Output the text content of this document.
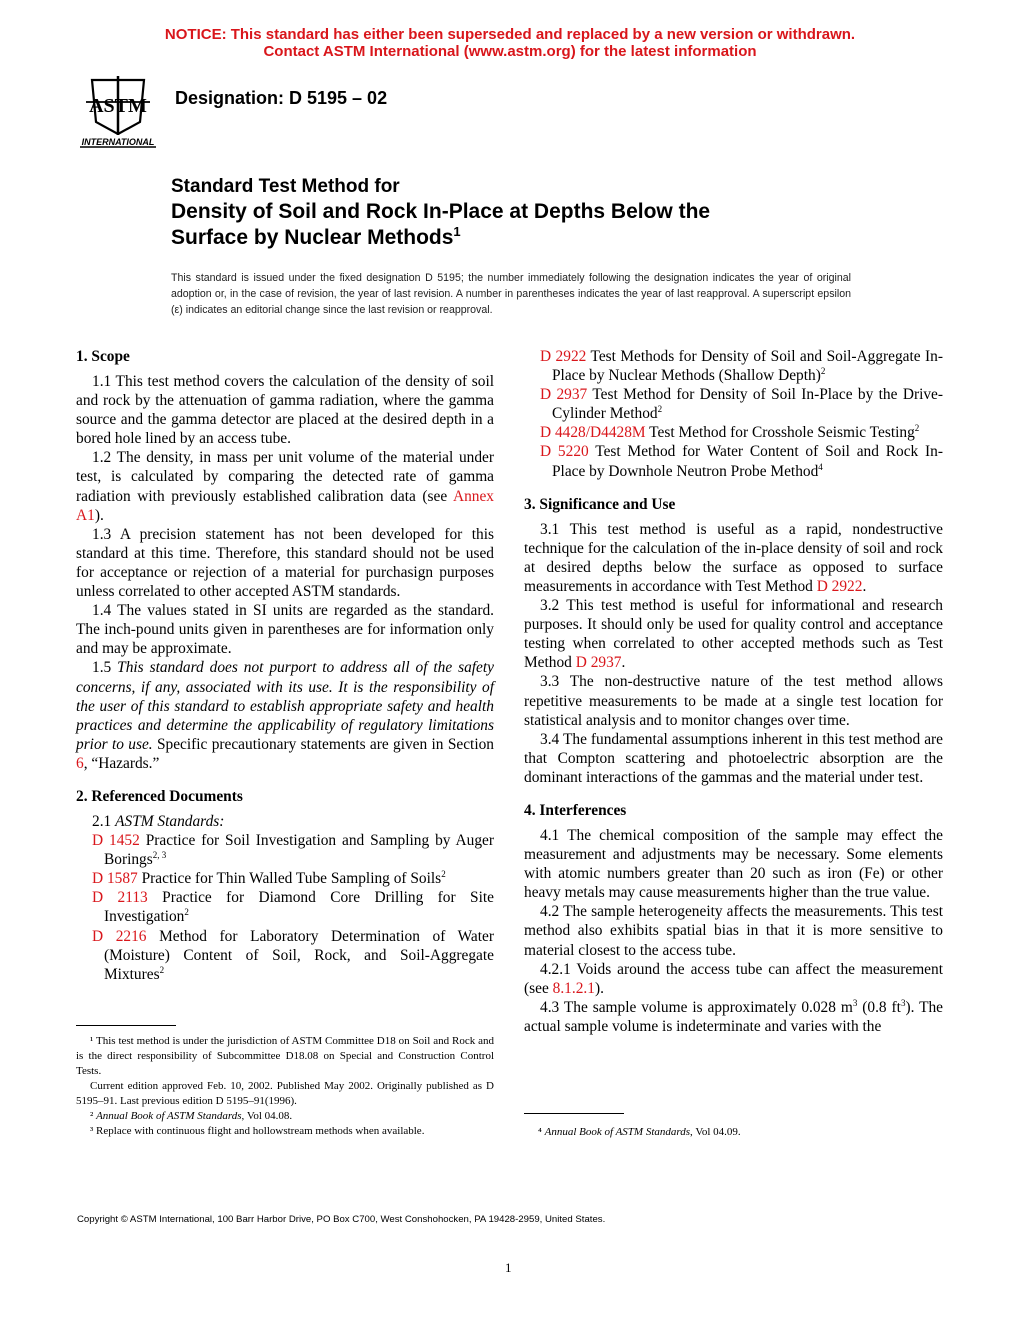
NOTICE: This standard has either been superseded and replaced by a new version or withdrawn.
Contact ASTM International (www.astm.org) for the latest information
ASTM
INTERNATIONAL
Designation: D 5195 – 02
Standard Test Method for
Density of Soil and Rock In-Place at Depths Below the
Surface by Nuclear Methods$^1$
This standard is issued under the fixed designation D 5195; the number immediately following the designation indicates the year of original adoption or, in the case of revision, the year of last revision. A number in parentheses indicates the year of last reapproval. A superscript epsilon (ε) indicates an editorial change since the last revision or reapproval.
1. Scope

1.1 This test method covers the calculation of the density of soil and rock by the attenuation of gamma radiation, where the gamma source and the gamma detector are placed at the desired depth in a bored hole lined by an access tube.

1.2 The density, in mass per unit volume of the material under test, is calculated by comparing the detected rate of gamma radiation with previously established calibration data (see Annex A1).

1.3 A precision statement has not been developed for this standard at this time. Therefore, this standard should not be used for acceptance or rejection of a material for purchasign purposes unless correlated to other accepted ASTM standards.

1.4 The values stated in SI units are regarded as the standard. The inch-pound units given in parentheses are for information only and may be approximate.

1.5 This standard does not purport to address all of the safety concerns, if any, associated with its use. It is the responsibility of the user of this standard to establish appropriate safety and health practices and determine the applicability of regulatory limitations prior to use. Specific precautionary statements are given in Section 6, “Hazards.”

2. Referenced Documents

2.1 ASTM Standards:

D 1452 Practice for Soil Investigation and Sampling by Auger Borings$^{2, 3}$

D 1587 Practice for Thin Walled Tube Sampling of Soils$^2$

D 2113 Practice for Diamond Core Drilling for Site Investigation$^2$

D 2216 Method for Laboratory Determination of Water (Moisture) Content of Soil, Rock, and Soil-Aggregate Mixtures$^2$

D 2922 Test Methods for Density of Soil and Soil-Aggregate In-Place by Nuclear Methods (Shallow Depth)$^2$

D 2937 Test Method for Density of Soil In-Place by the Drive-Cylinder Method$^2$

D 4428/D4428M Test Method for Crosshole Seismic Testing$^2$

D 5220 Test Method for Water Content of Soil and Rock In-Place by Downhole Neutron Probe Method$^4$

3. Significance and Use

3.1 This test method is useful as a rapid, nondestructive technique for the calculation of the in-place density of soil and rock at desired depths below the surface as opposed to surface measurements in accordance with Test Method D 2922.

3.2 This test method is useful for informational and research purposes. It should only be used for quality control and acceptance testing when correlated to other accepted methods such as Test Method D 2937.

3.3 The non-destructive nature of the test method allows repetitive measurements to be made at a single test location for statistical analysis and to monitor changes over time.

3.4 The fundamental assumptions inherent in this test method are that Compton scattering and photoelectric absorption are the dominant interactions of the gammas and the material under test.

4. Interferences

4.1 The chemical composition of the sample may effect the measurement and adjustments may be necessary. Some elements with atomic numbers greater than 20 such as iron (Fe) or other heavy metals may cause measurements higher than the true value.

4.2 The sample heterogeneity affects the measurements. This test method also exhibits spatial bias in that it is more sensitive to material closest to the access tube.

4.2.1 Voids around the access tube can affect the measurement (see 8.1.2.1).

4.3 The sample volume is approximately 0.028 $m^3$ (0.8 $ft^3$). The actual sample volume is indeterminate and varies with the

¹ This test method is under the jurisdiction of ASTM Committee D18 on Soil and Rock and is the direct responsibility of Subcommittee D18.08 on Special and Construction Control Tests.

Current edition approved Feb. 10, 2002. Published May 2002. Originally published as D 5195–91. Last previous edition D 5195–91(1996).

² Annual Book of ASTM Standards, Vol 04.08.

³ Replace with continuous flight and hollowstream methods when available.	⁴ Annual Book of ASTM Standards, Vol 04.09.

Copyright © ASTM International, 100 Barr Harbor Drive, PO Box C700, West Conshohocken, PA 19428-2959, United States.
1
